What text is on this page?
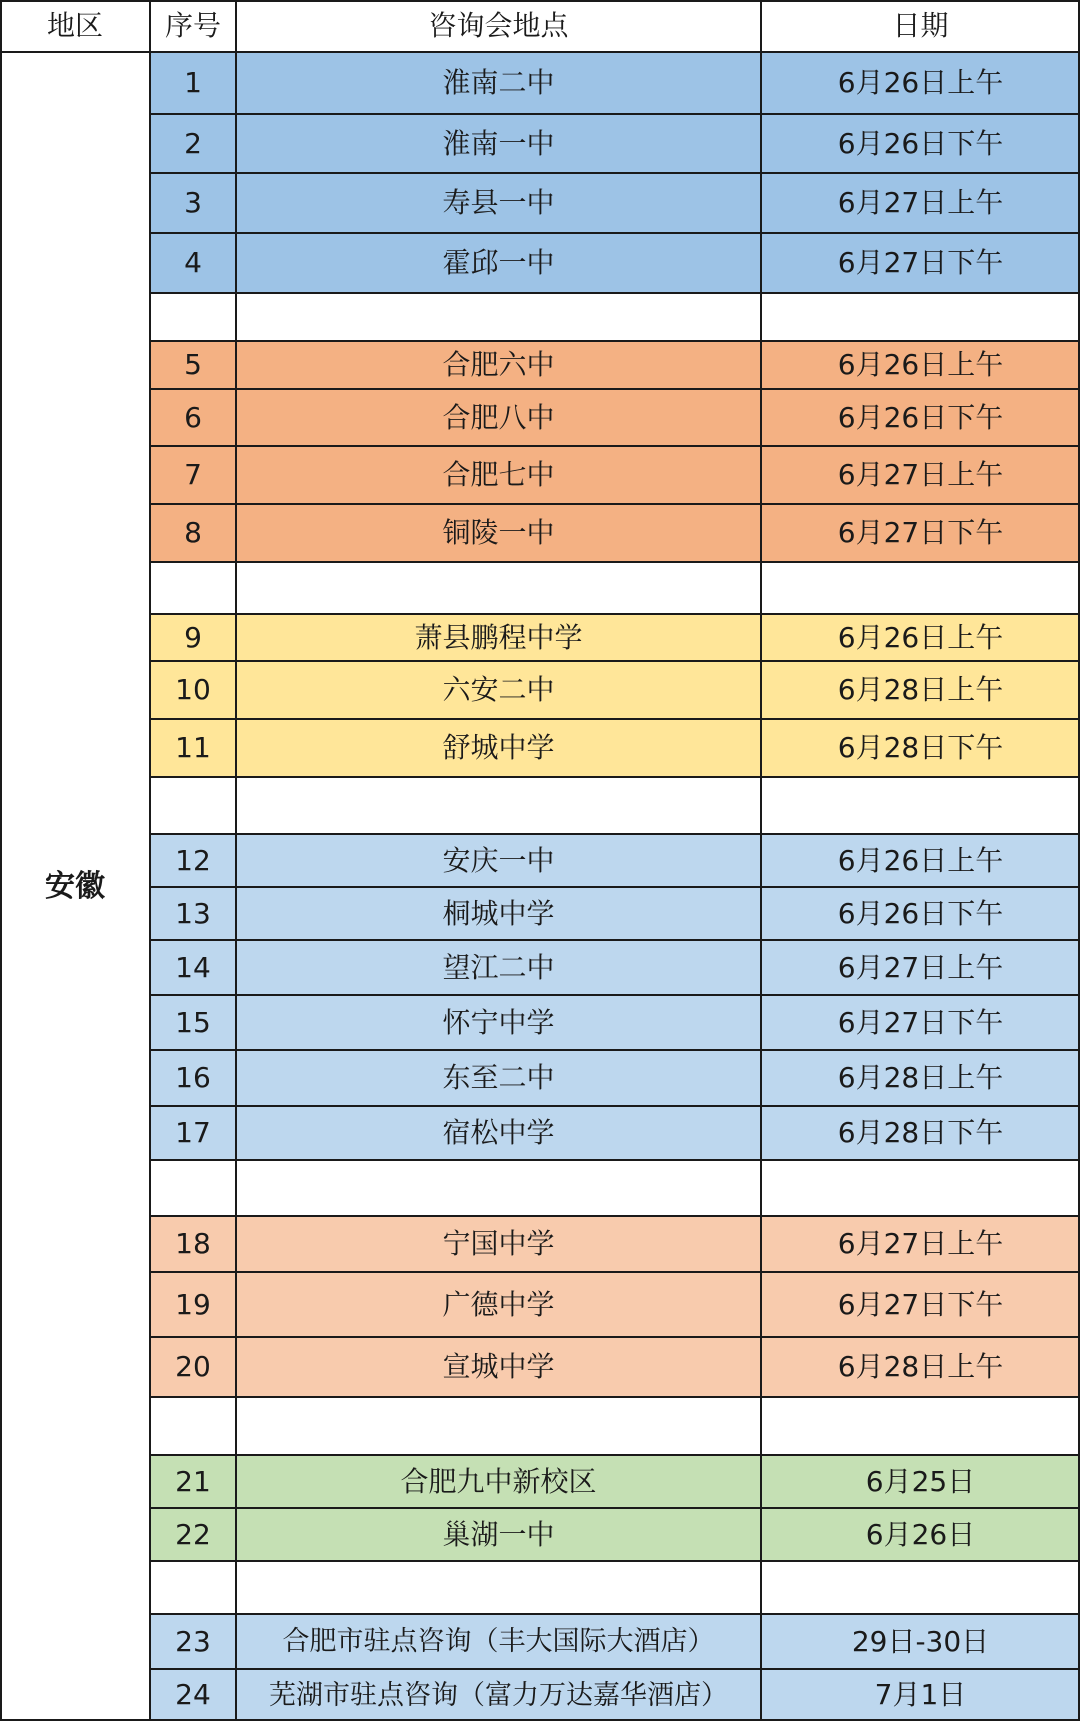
地区	序号	咨询会地点	日期
安徽
1	淮南二中	6月26日上午
2	淮南一中	6月26日下午
3	寿县一中	6月27日上午
4	霍邱一中	6月27日下午
5	合肥六中	6月26日上午
6	合肥八中	6月26日下午
7	合肥七中	6月27日上午
8	铜陵一中	6月27日下午
9	萧县鹏程中学	6月26日上午
10	六安二中	6月28日上午
11	舒城中学	6月28日下午
12	安庆一中	6月26日上午
13	桐城中学	6月26日下午
14	望江二中	6月27日上午
15	怀宁中学	6月27日下午
16	东至二中	6月28日上午
17	宿松中学	6月28日下午
18	宁国中学	6月27日上午
19	广德中学	6月27日下午
20	宣城中学	6月28日上午
21	合肥九中新校区	6月25日
22	巢湖一中	6月26日
23	合肥市驻点咨询（丰大国际大酒店）	29日-30日
24	芜湖市驻点咨询（富力万达嘉华酒店）	7月1日
